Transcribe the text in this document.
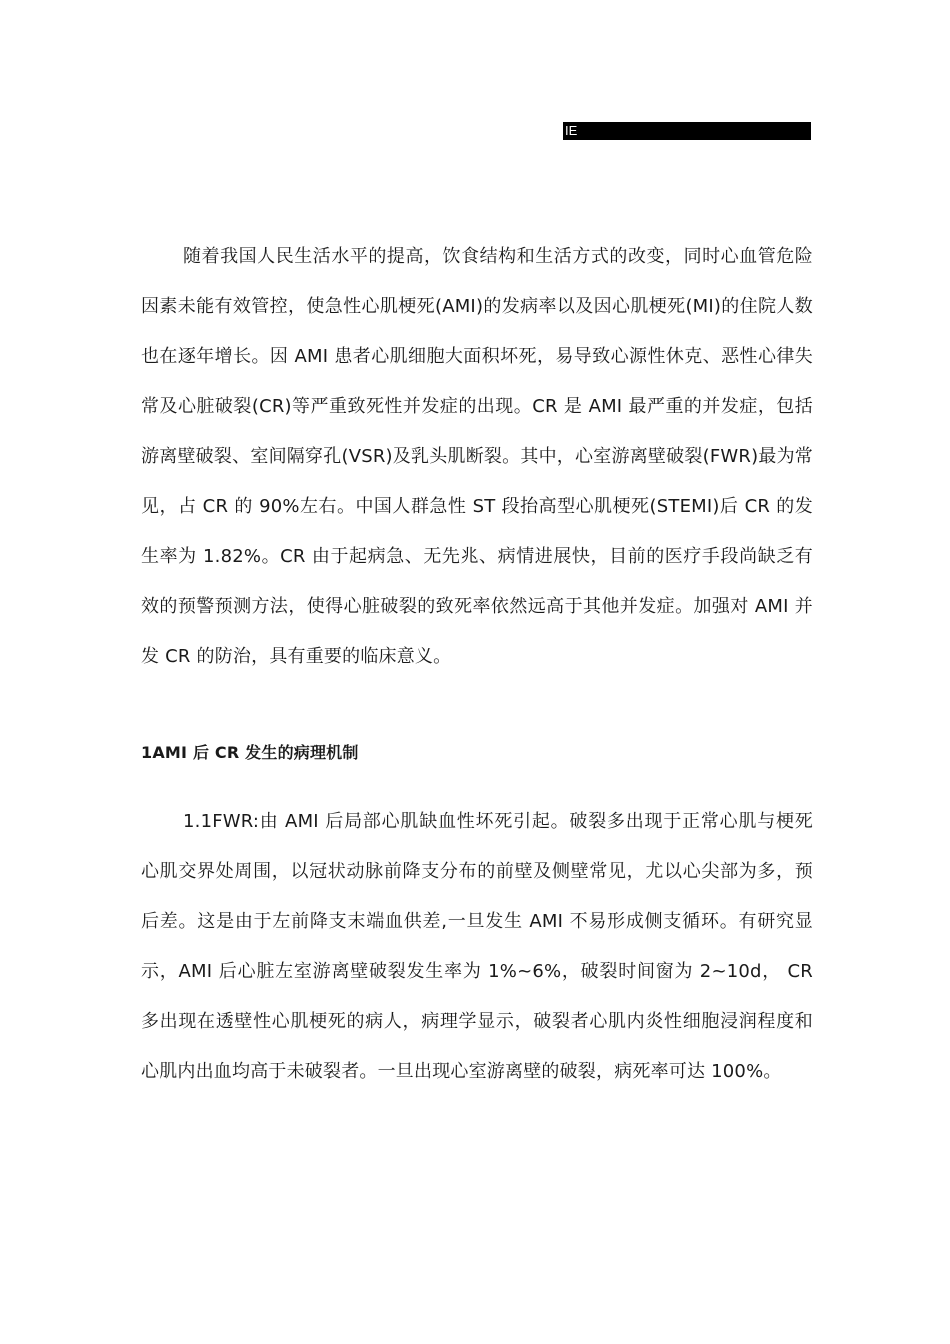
IE

随着我国人民生活水平的提高，饮食结构和生活方式的改变，同时心血管危险因素未能有效管控，使急性心肌梗死(AMI)的发病率以及因心肌梗死(MI)的住院人数也在逐年增长。因 AMI 患者心肌细胞大面积坏死，易导致心源性休克、恶性心律失常及心脏破裂(CR)等严重致死性并发症的出现。CR 是 AMI 最严重的并发症，包括游离壁破裂、室间隔穿孔(VSR)及乳头肌断裂。其中，心室游离壁破裂(FWR)最为常见，占 CR 的 90%左右。中国人群急性 ST 段抬高型心肌梗死(STEMI)后 CR 的发生率为 1.82%。CR 由于起病急、无先兆、病情进展快，目前的医疗手段尚缺乏有效的预警预测方法，使得心脏破裂的致死率依然远高于其他并发症。加强对 AMI 并发 CR 的防治，具有重要的临床意义。

1AMI 后 CR 发生的病理机制

1.1FWR:由 AMI 后局部心肌缺血性坏死引起。破裂多出现于正常心肌与梗死心肌交界处周围，以冠状动脉前降支分布的前壁及侧壁常见，尤以心尖部为多，预后差。这是由于左前降支末端血供差,一旦发生 AMI 不易形成侧支循环。有研究显示，AMI 后心脏左室游离壁破裂发生率为 1%~6%，破裂时间窗为 2~10d， CR 多出现在透壁性心肌梗死的病人，病理学显示，破裂者心肌内炎性细胞浸润程度和心肌内出血均高于未破裂者。一旦出现心室游离壁的破裂，病死率可达 100%。
